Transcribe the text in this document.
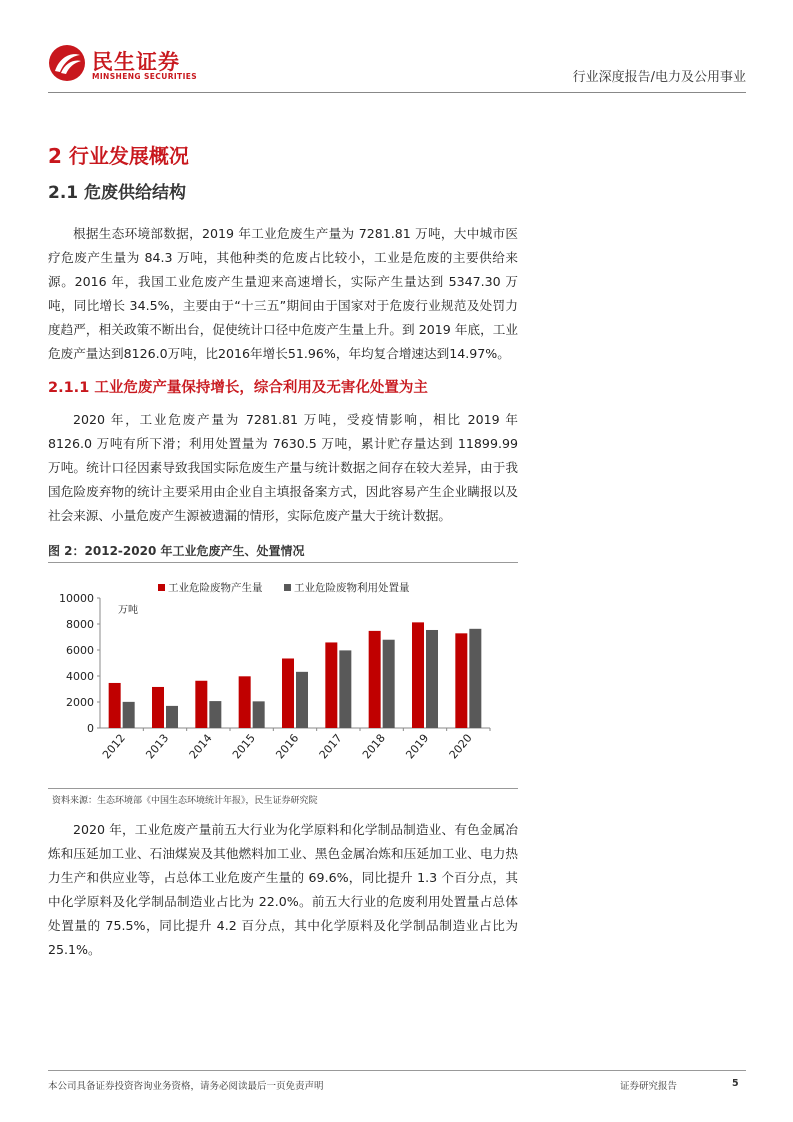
民生证券
MINSHENG SECURITIES	行业深度报告/电力及公用事业
2 行业发展概况
2.1 危废供给结构
根据生态环境部数据，2019 年工业危废生产量为 7281.81 万吨，大中城市医疗危废产生量为 84.3 万吨，其他种类的危废占比较小，工业是危废的主要供给来源。2016 年，我国工业危废产生量迎来高速增长，实际产生量达到 5347.30 万吨，同比增长 34.5%，主要由于“十三五”期间由于国家对于危废行业规范及处罚力度趋严，相关政策不断出台，促使统计口径中危废产生量上升。到 2019 年底，工业危废产量达到8126.0万吨，比2016年增长51.96%，年均复合增速达到14.97%。
2.1.1 工业危废产量保持增长，综合利用及无害化处置为主
2020 年，工业危废产量为 7281.81 万吨，受疫情影响，相比 2019 年 8126.0 万吨有所下滑；利用处置量为 7630.5 万吨，累计贮存量达到 11899.99 万吨。统计口径因素导致我国实际危废生产量与统计数据之间存在较大差异，由于我国危险废弃物的统计主要采用由企业自主填报备案方式，因此容易产生企业瞒报以及社会来源、小量危废产生源被遗漏的情形，实际危废产量大于统计数据。
图 2：2012-2020 年工业危废产生、处置情况
0
2000
4000
6000
8000
10000
万吨
2012 2013 2014 2015 2016 2017 2018 2019 2020
工业危险废物产生量	工业危险废物利用处置量
资料来源：生态环境部《中国生态环境统计年报》，民生证券研究院
2020 年，工业危废产量前五大行业为化学原料和化学制品制造业、有色金属冶炼和压延加工业、石油煤炭及其他燃料加工业、黑色金属冶炼和压延加工业、电力热力生产和供应业等，占总体工业危废产生量的 69.6%，同比提升 1.3 个百分点，其中化学原料及化学制品制造业占比为 22.0%。前五大行业的危废利用处置量占总体处置量的 75.5%，同比提升 4.2 百分点，其中化学原料及化学制品制造业占比为 25.1%。
本公司具备证券投资咨询业务资格，请务必阅读最后一页免责声明	证券研究报告	5
